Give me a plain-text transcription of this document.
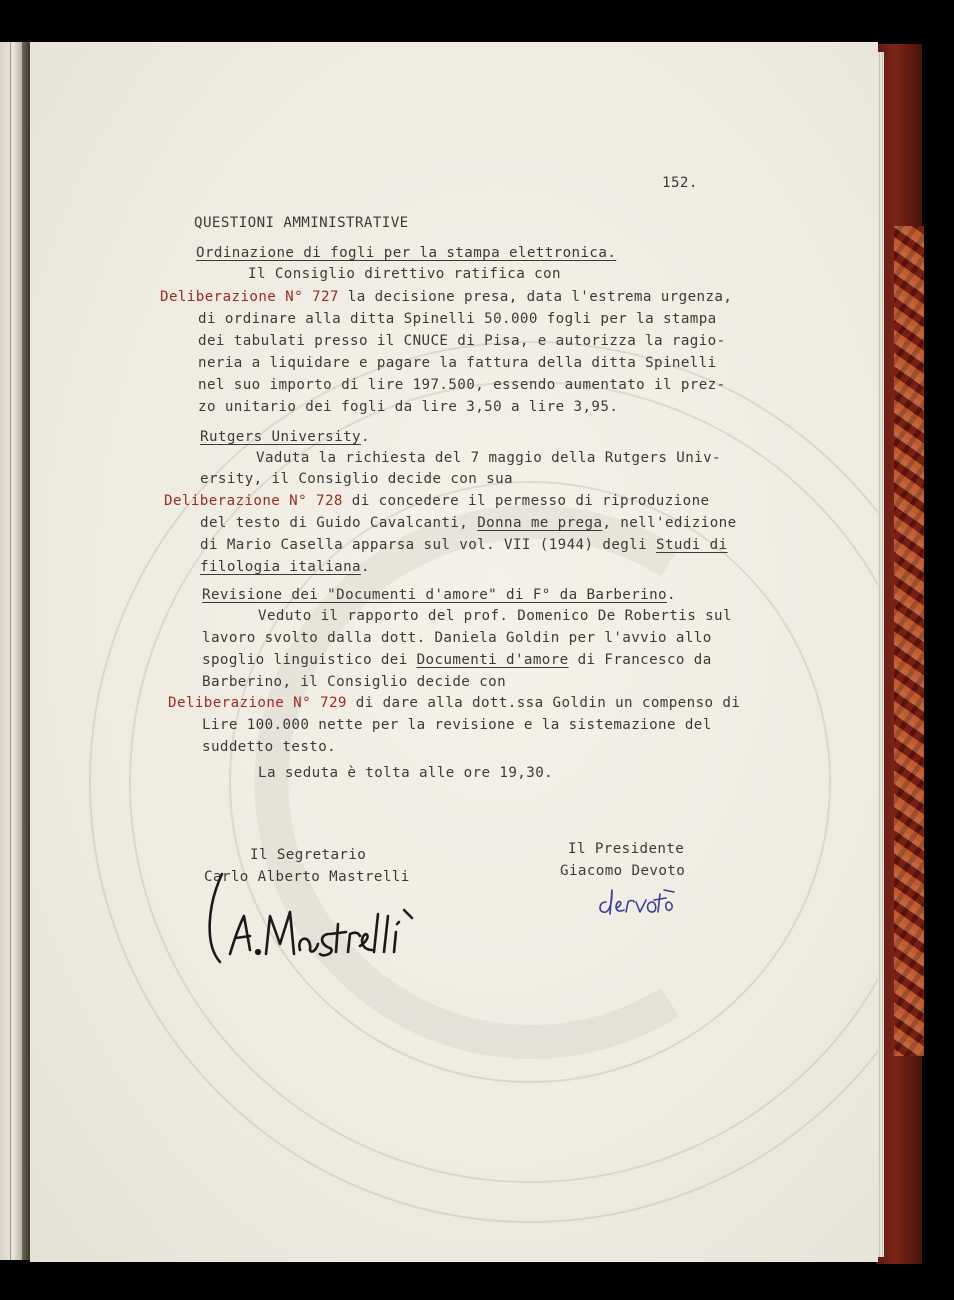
152.
QUESTIONI AMMINISTRATIVE
Ordinazione di fogli per la stampa elettronica.
Il Consiglio direttivo ratifica con
Deliberazione N° 727 la decisione presa, data l'estrema urgenza,
di ordinare alla ditta Spinelli 50.000 fogli per la stampa
dei tabulati presso il CNUCE di Pisa, e autorizza la ragio-
neria a liquidare e pagare la fattura della ditta Spinelli
nel suo importo di lire 197.500, essendo aumentato il prez-
zo unitario dei fogli da lire 3,50 a lire 3,95.
Rutgers University.
Vaduta la richiesta del 7 maggio della Rutgers Univ-
ersity, il Consiglio decide con sua
Deliberazione N° 728 di concedere il permesso di riproduzione
del testo di Guido Cavalcanti, Donna me prega, nell'edizione
di Mario Casella apparsa sul vol. VII (1944) degli Studi di
filologia italiana.
Revisione dei "Documenti d'amore" di F° da Barberino.
Veduto il rapporto del prof. Domenico De Robertis sul
lavoro svolto dalla dott. Daniela Goldin per l'avvio allo
spoglio linguistico dei Documenti d'amore di Francesco da
Barberino, il Consiglio decide con
Deliberazione N° 729 di dare alla dott.ssa Goldin un compenso di
Lire 100.000 nette per la revisione e la sistemazione del
suddetto testo.
La seduta è tolta alle ore 19,30.
Il Segretario
Carlo Alberto Mastrelli
Il Presidente
Giacomo Devoto
